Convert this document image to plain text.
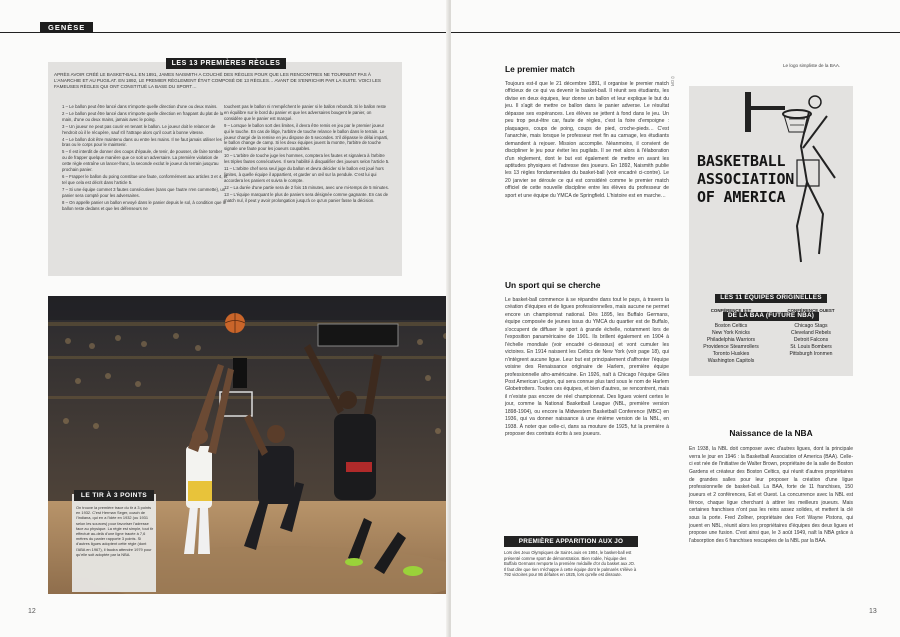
GENÈSE
LES 13 PREMIÈRES RÈGLES
APRÈS AVOIR CRÉÉ LE BASKET-BALL EN 1891, JAMES NAISMITH A COUCHÉ DES RÈGLES POUR QUE LES RENCONTRES NE TOURNENT PAS À L'ANARCHIE ET AU PUGILAT. EN 1892, LE PREMIER RÈGLEMENT ÉTAIT COMPOSÉ DE 13 RÈGLES… AVANT DE S'ENRICHIR PAR LA SUITE. VOICI LES FAMEUSES RÈGLES QUI ONT CONSTITUÉ LA BASE DU SPORT…

1 – Le ballon peut être lancé dans n'importe quelle direction d'une ou deux mains.

2 – Le ballon peut être lancé dans n'importe quelle direction en frappant du plat de la main, d'une ou deux mains, jamais avec le poing.

3 – Un joueur ne peut pas courir en tenant le ballon. Le joueur doit le relancer de l'endroit où il le récupère, sauf s'il l'attrape alors qu'il court à bonne vitesse.

4 – Le ballon doit être maintenu dans ou entre les mains. Il ne faut jamais utiliser les bras ou le corps pour le maintenir.

5 – Il est interdit de donner des coups d'épaule, de tenir, de pousser, de faire tomber ou de frapper quelque manière que ce soit un adversaire. La première violation de cette règle entraîne un lancer-franc, la seconde exclut le joueur du terrain jusqu'au prochain panier.

6 – Frapper le ballon du poing constitue une faute, conformément aux articles 3 et 4, et tel que cela est décrit dans l'article 5.

7 – Si une équipe commet 3 fautes consécutives (sans que l'autre n'en commette), un panier sera compté pour les adversaires.

8 – On appelle panier un ballon envoyé dans le panier depuis le sol, à condition que le ballon reste dedans et que les défenseurs ne

touchent pas le ballon ni n'empêchent le panier si le ballon rebondit. Si le ballon reste en équilibre sur le bord du panier et que les adversaires bougent le panier, on considère que le panier est marqué.

9 – Lorsque le ballon sort des limites, il devra être remis en jeu par le premier joueur qui le touche. En cas de litige, l'arbitre de touche relance le ballon dans le terrain. Le joueur chargé de la remise en jeu dispose de 5 secondes. S'il dépasse le délai imparti, le ballon change de camp. Si les deux équipes jouent la montre, l'arbitre de touche signale une faute pour les joueurs coupables.

10 – L'arbitre de touche juge les hommes, comptera les fautes et signalera à l'arbitre les triples fautes consécutives. Il sera habilité à disqualifier des joueurs selon l'article 5.

11 – L'arbitre chef sera seul juge du ballon et devra décider si le ballon est joué hors limites, à quelle équipe il appartient, et garder un œil sur la pendule. C'est lui qui accordera les paniers et suivra le compte.

12 – La durée d'une partie sera de 2 fois 15 minutes, avec une mi-temps de 5 minutes.

13 – L'équipe marquant le plus de paniers sera désignée comme gagnante. En cas de match nul, il peut y avoir prolongation jusqu'à ce qu'un panier fasse la décision.

LE TIR À 3 POINTS
On trouve la première trace du tir à 3 points en 1932. C'est Herman Seger, coach de l'Indiana, qui en a l'idée en 1932 (ou 1931 selon les sources) pour favoriser l'adresse face au physique. La règle est simple, tout tir effectué au-delà d'une ligne tracée à 7,6 mètres du panier rapporte 3 points. Si d'autres ligues adoptent cette règle (dont l'ABA en 1967), il faudra attendre 1979 pour qu'elle soit adoptée par la NBA.
12
Le premier match

Toujours est-il que le 21 décembre 1891, il organise le premier match officieux de ce qui va devenir le basket-ball. Il réunit ses étudiants, les divise en deux équipes, leur donne un ballon et leur explique le but du jeu. Il s'agit de mettre ce ballon dans le panier adverse. Le résultat dépasse ses espérances. Les élèves se jettent à fond dans le jeu. Un peu trop peut-être car, faute de règles, c'est la foire d'empoigne : plaquages, coups de poing, coups de pied, croche-pieds… C'est l'anarchie, mais lorsque le professeur met fin au carnage, les étudiants demandent à rejouer. Mission accomplie. Néanmoins, il convient de discipliner le jeu pour éviter les pugilats. Il se met alors à l'élaboration d'un règlement, dont le but est également de mettre en avant les aptitudes physiques et l'adresse des joueurs. En 1892, Naismith publie les 13 règles fondamentales du basket-ball (voir encadré ci-contre). Le 20 janvier se déroule ce qui est considéré comme le premier match officiel de cette nouvelle discipline entre les élèves du professeur de sport et une équipe du YMCA de Springfield. L'histoire est en marche…

Un sport qui se cherche

Le basket-ball commence à se répandre dans tout le pays, à travers la création d'équipes et de ligues professionnelles, mais aucune ne permet encore un championnat national. Dès 1895, les Buffalo Germans, équipe composée de jeunes issus du YMCA du quartier est de Buffalo, s'occupent de diffuser le sport à grande échelle, notamment lors de l'exposition panaméricaine de 1901. Ils brillent également en 1904 à l'échelle mondiale (voir encadré ci-dessous) et vont cumuler les victoires. En 1914 naissent les Celtics de New York (voir page 18), qui n'intègrent aucune ligue. Leur but est principalement d'affronter l'équipe voisine des Renaissance originaire de Harlem, première équipe professionnelle afro-américaine. En 1926, naît à Chicago l'équipe Giles Post American Legion, qui sera connue plus tard sous le nom de Harlem Globetrotters. Toutes ces équipes, et bien d'autres, se rencontrent, mais il n'existe pas encore de réel championnat. Des ligues voient certes le jour, comme la National Basketball League (NBL, première version 1898-1904), ou encore la Midwestern Basketball Conference (MBC) en 1936, qui va donner naissance à une énième version de la NBL, en 1938. À noter que celle-ci, dans sa mouture de 1925, fut la première à proposer des contrats écrits à ses joueurs.

Le logo simpliste de la BAA.
© DR
BASKETBALL
ASSOCIATION
OF AMERICA
LES 11 ÉQUIPES ORIGINELLES
DE LA BAA (FUTURE NBA)
CONFÉRENCE EST	CONFÉRENCE OUEST
Boston Celtics
New York Knicks
Philadelphia Warriors
Providence Steamrollers
Toronto Huskies
Washington Capitols
Chicago Stags
Cleveland Rebels
Detroit Falcons
St. Louis Bombers
Pittsburgh Ironmen
Naissance de la NBA

En 1938, la NBL doit composer avec d'autres ligues, dont la principale verra le jour en 1946 : la Basketball Association of America (BAA). Celle-ci est née de l'initiative de Walter Brown, propriétaire de la salle de Boston Gardens et créateur des Boston Celtics, qui réunit d'autres propriétaires de grandes salles pour leur proposer la création d'une ligue professionnelle de basket-ball. La BAA, forte de 11 franchises, 150 joueurs et 2 conférences, Est et Ouest. La concurrence avec la NBL est féroce, chaque ligue cherchant à attirer les meilleurs joueurs. Mais certaines franchises n'ont pas les reins assez solides, et mettent la clé sous la porte. Fred Zollner, propriétaire des Fort Wayne Pistons, qui jouent en NBL, réunit alors les propriétaires d'équipes des deux ligues et propose une fusion. C'est ainsi que, le 3 août 1949, naît la NBA grâce à l'absorption des 6 franchises rescapées de la NBL par la BAA.

13
PREMIÈRE APPARITION AUX JO
Lors des Jeux Olympiques de Saint-Louis en 1904, le basket-ball est présenté comme sport de démonstration. Bien rodée, l'équipe des Buffalo Germans remporte la première médaille d'or du basket aux JO. Il faut dire que rien n'échappe à cette équipe dont le palmarès s'élève à 792 victoires pour 86 défaites en 1925, lors qu'elle est dissoute.
